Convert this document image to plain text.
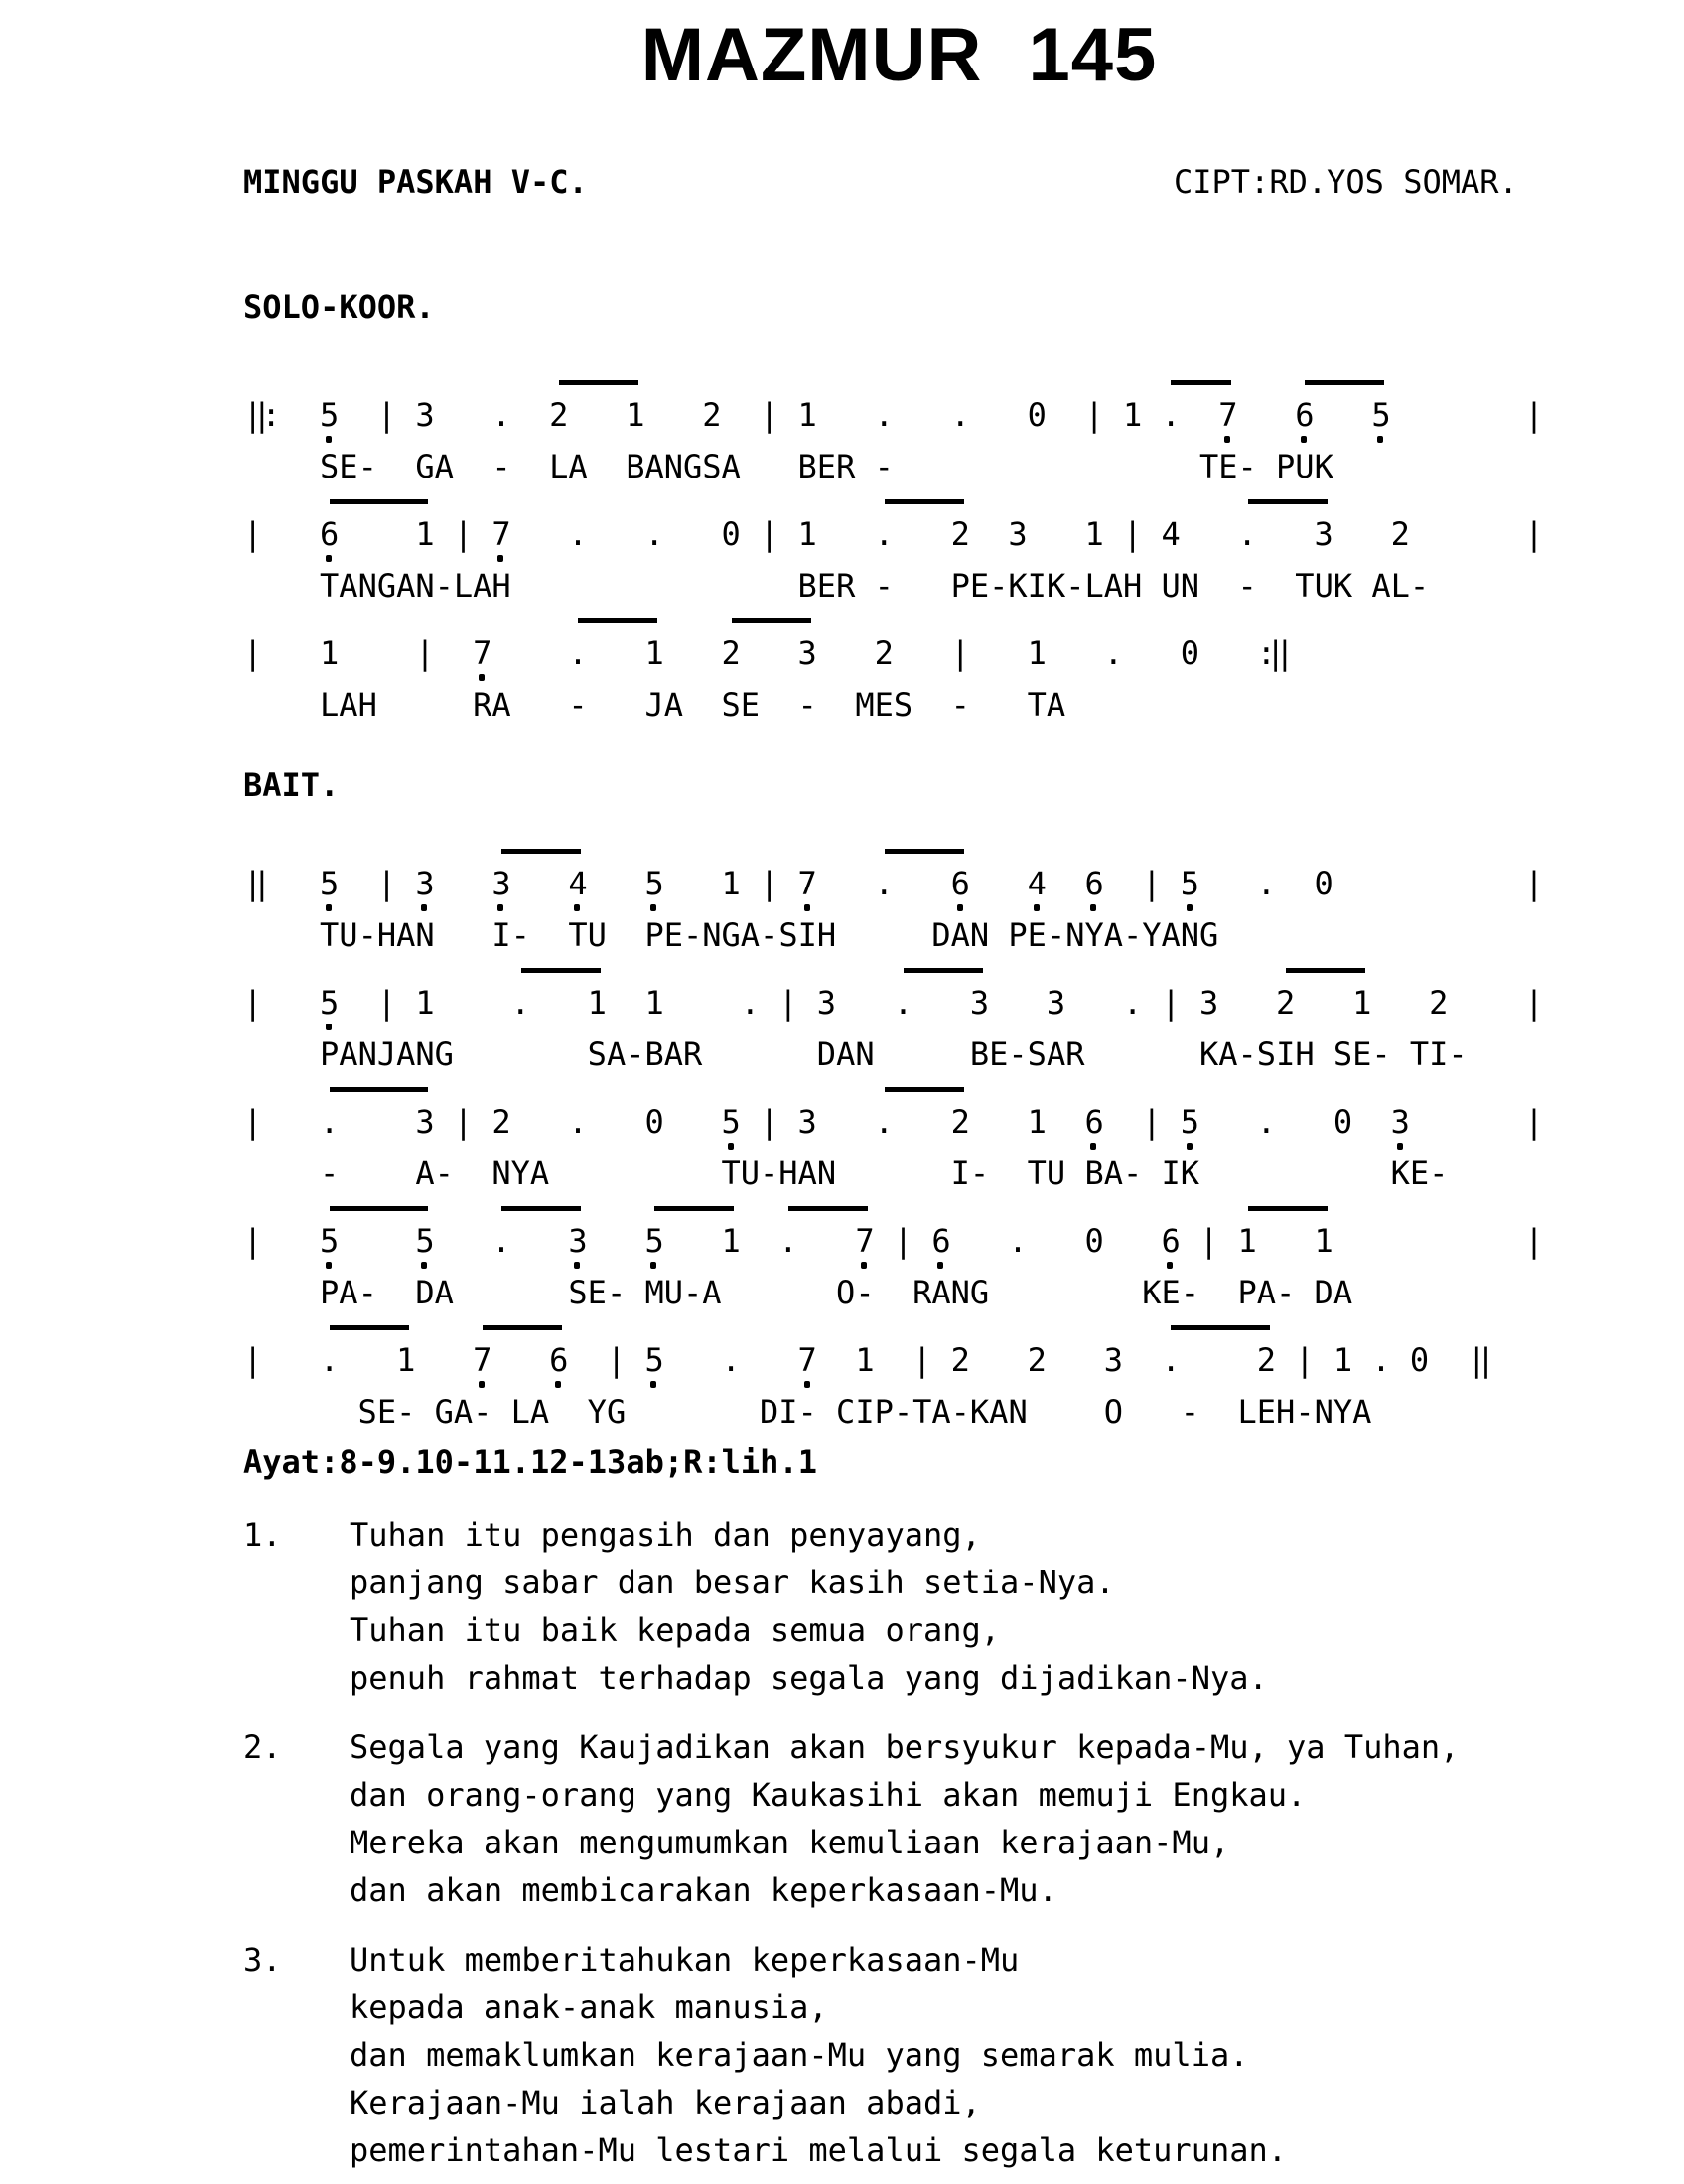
MAZMUR 145
MINGGU PASKAH V-C.	CIPT:RD.YOS SOMAR.
SOLO-KOOR.
BAIT.
Ayat:8-9.10-11.12-13ab;R:lih.1
||: 5 | 3 . 2 1 2 | 1 . . 0 | 1 . 7 6 5	|
SE- GA - LA BANGSA BER -	TE- PUK
| 6 1 | 7 . . 0 | 1 . 2 3 1 | 4 . 3 2	|
TANGAN-LAH	BER - PE-KIK-LAH UN - TUK AL-
| 1 | 7 . 1 2 3 2 | 1 . 0 :||
LAH	RA - JA SE - MES - TA
|| 5 | 3 3 4 5 1 | 7 . 6 4 6 | 5 . 0	|
TU-HAN I- TU PE-NGA-SIH	DAN PE-NYA-YANG
| 5 | 1 . 1 1 . | 3 . 3 3 . | 3 2 1 2 |
PANJANG	SA-BAR	DAN	BE-SAR	KA-SIH SE- TI-
| . 3 | 2 . 0 5 | 3 . 2 1 6 | 5 . 0 3	|
- A- NYA	TU-HAN	I- TU BA- IK	KE-
| 5 5 . 3 5 1 . 7 | 6 . 0 6 | 1 1	|
PA- DA	SE- MU-A	O- RANG	KE- PA- DA
| . 1 7 6 | 5 . 7 1 | 2 2 3 . 2 | 1 . 0 ||
SE- GA- LA YG	DI- CIP-TA-KAN O - LEH-NYA
1. Tuhan itu pengasih dan penyayang,
panjang sabar dan besar kasih setia-Nya.
Tuhan itu baik kepada semua orang,
penuh rahmat terhadap segala yang dijadikan-Nya.
2. Segala yang Kaujadikan akan bersyukur kepada-Mu, ya Tuhan,
dan orang-orang yang Kaukasihi akan memuji Engkau.
Mereka akan mengumumkan kemuliaan kerajaan-Mu,
dan akan membicarakan keperkasaan-Mu.
3. Untuk memberitahukan keperkasaan-Mu
kepada anak-anak manusia,
dan memaklumkan kerajaan-Mu yang semarak mulia.
Kerajaan-Mu ialah kerajaan abadi,
pemerintahan-Mu lestari melalui segala keturunan.
